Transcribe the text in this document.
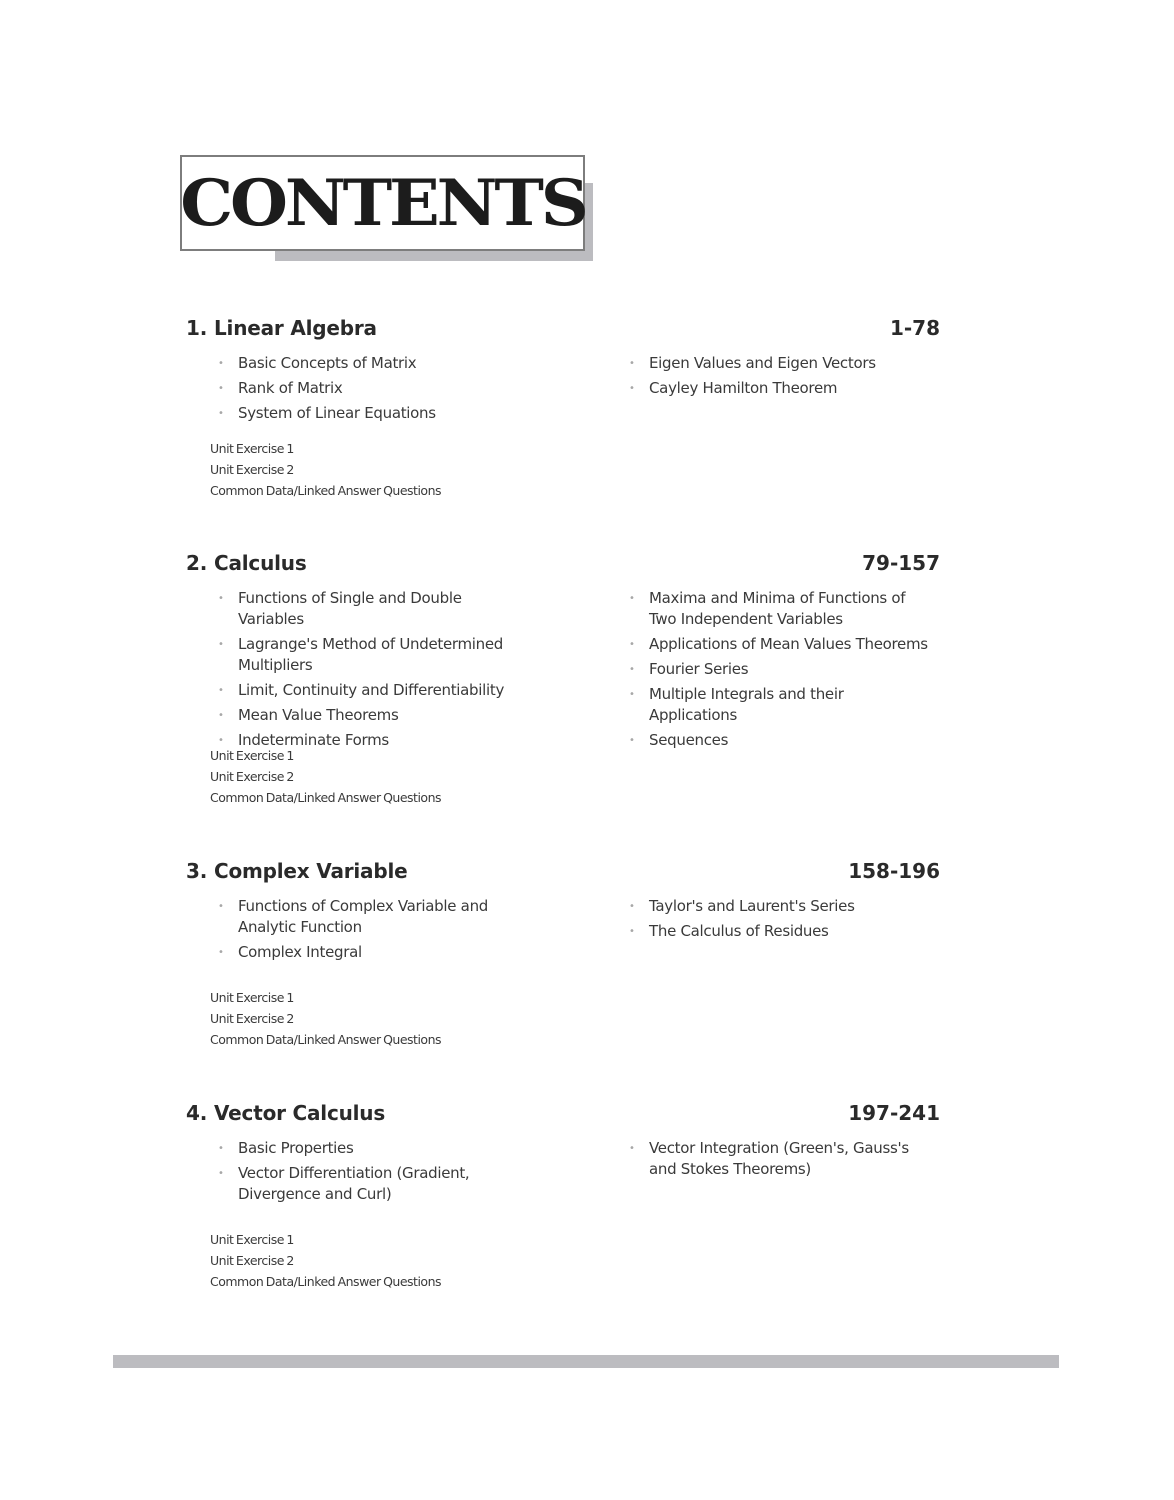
CONTENTS
1. Linear Algebra	1-78
• Basic Concepts of Matrix
• Rank of Matrix
• System of Linear Equations
• Eigen Values and Eigen Vectors
• Cayley Hamilton Theorem
Unit Exercise 1
Unit Exercise 2
Common Data/Linked Answer Questions
2. Calculus	79-157
• Functions of Single and Double Variables
• Lagrange's Method of Undetermined Multipliers
• Limit, Continuity and Differentiability
• Mean Value Theorems
• Indeterminate Forms
• Maxima and Minima of Functions of Two Independent Variables
• Applications of Mean Values Theorems
• Fourier Series
• Multiple Integrals and their Applications
• Sequences
Unit Exercise 1
Unit Exercise 2
Common Data/Linked Answer Questions
3. Complex Variable	158-196
• Functions of Complex Variable and Analytic Function
• Complex Integral
• Taylor's and Laurent's Series
• The Calculus of Residues
Unit Exercise 1
Unit Exercise 2
Common Data/Linked Answer Questions
4. Vector Calculus	197-241
• Basic Properties
• Vector Differentiation (Gradient, Divergence and Curl)
• Vector Integration (Green's, Gauss's and Stokes Theorems)
Unit Exercise 1
Unit Exercise 2
Common Data/Linked Answer Questions
